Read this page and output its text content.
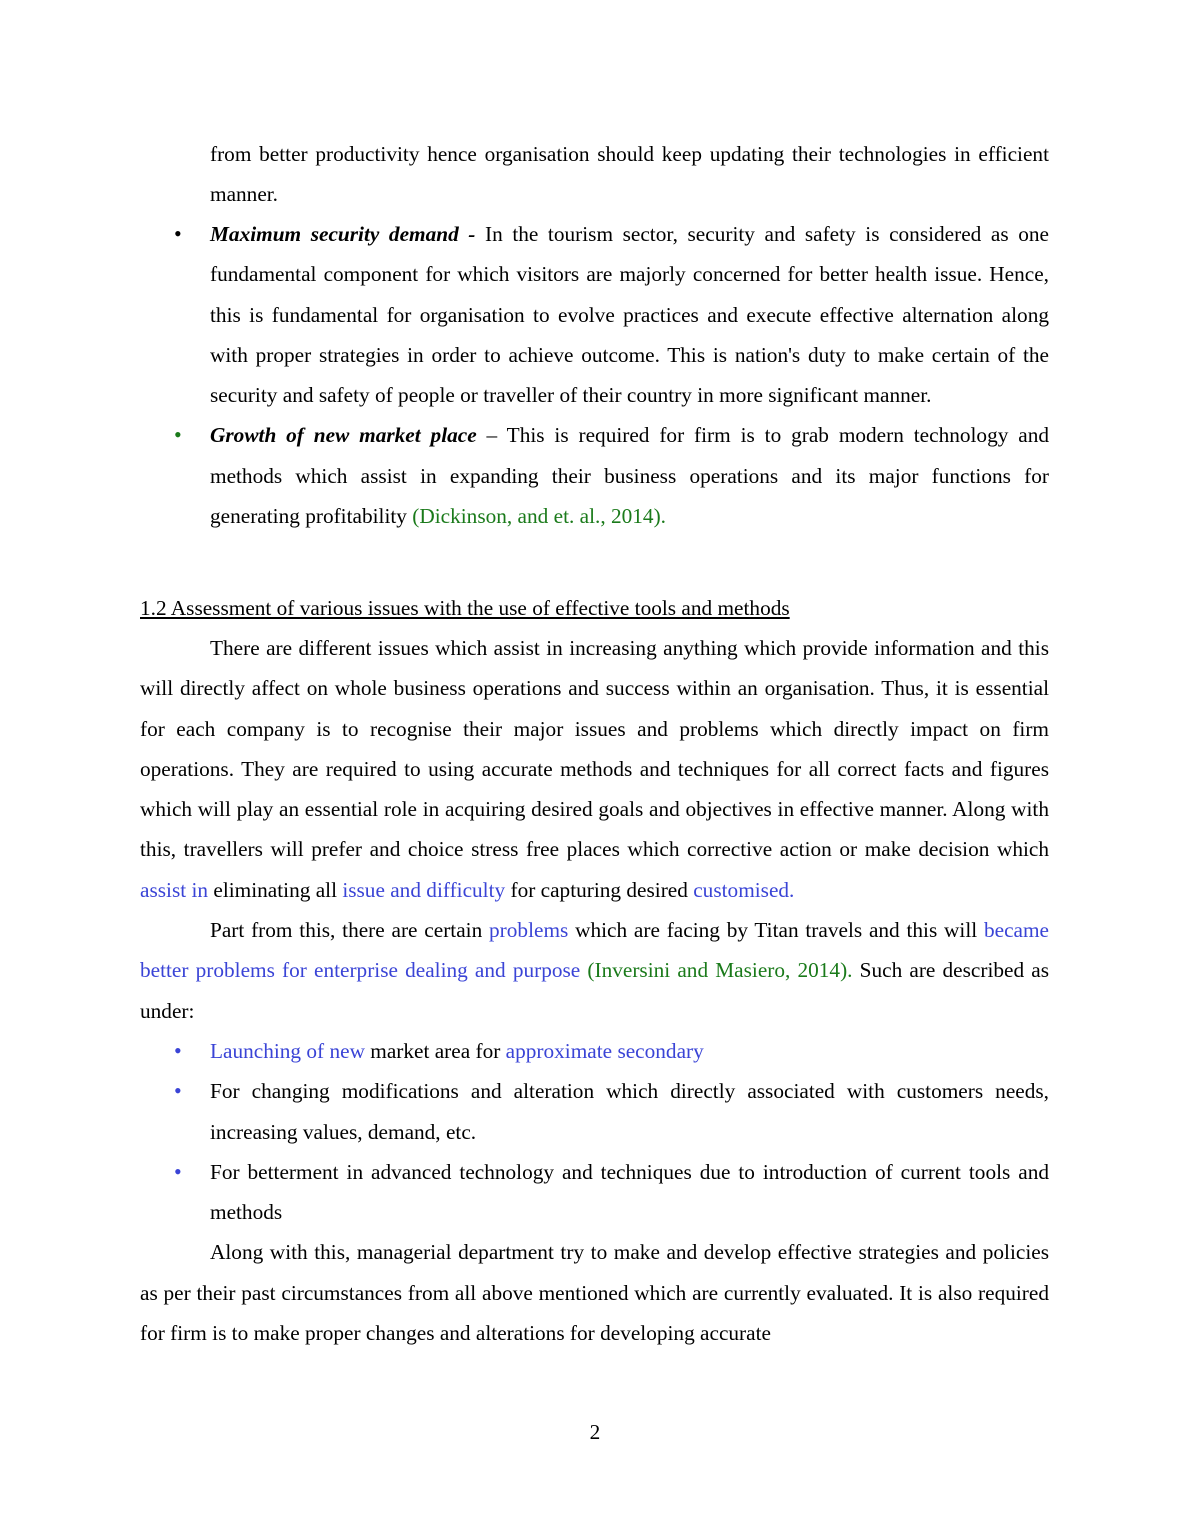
from better productivity hence organisation should keep updating their technologies in efficient manner.

• Maximum security demand - In the tourism sector, security and safety is considered as one fundamental component for which visitors are majorly concerned for better health issue. Hence, this is fundamental for organisation to evolve practices and execute effective alternation along with proper strategies in order to achieve outcome. This is nation's duty to make certain of the security and safety of people or traveller of their country in more significant manner.

• Growth of new market place – This is required for firm is to grab modern technology and methods which assist in expanding their business operations and its major functions for generating profitability (Dickinson, and et. al., 2014).

1.2 Assessment of various issues with the use of effective tools and methods

There are different issues which assist in increasing anything which provide information and this will directly affect on whole business operations and success within an organisation. Thus, it is essential for each company is to recognise their major issues and problems which directly impact on firm operations. They are required to using accurate methods and techniques for all correct facts and figures which will play an essential role in acquiring desired goals and objectives in effective manner. Along with this, travellers will prefer and choice stress free places which corrective action or make decision which assist in eliminating all issue and difficulty for capturing desired customised.

Part from this, there are certain problems which are facing by Titan travels and this will became better problems for enterprise dealing and purpose (Inversini and Masiero, 2014). Such are described as under:

• Launching of new market area for approximate secondary

• For changing modifications and alteration which directly associated with customers needs, increasing values, demand, etc.

• For betterment in advanced technology and techniques due to introduction of current tools and methods

Along with this, managerial department try to make and develop effective strategies and policies as per their past circumstances from all above mentioned which are currently evaluated. It is also required for firm is to make proper changes and alterations for developing accurate

2
